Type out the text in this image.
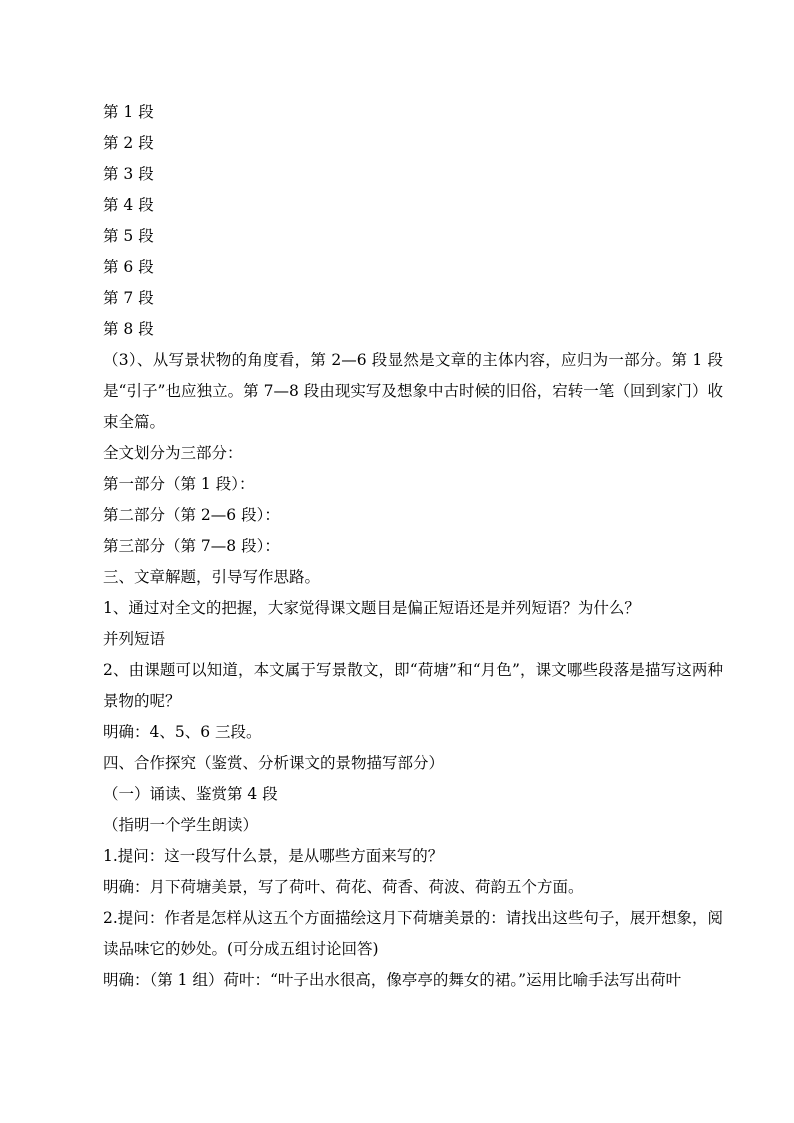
第 1 段
第 2 段
第 3 段
第 4 段
第 5 段
第 6 段
第 7 段
第 8 段
（3）、从写景状物的角度看，第 2—6 段显然是文章的主体内容，应归为一部分。第 1 段是“引子”也应独立。第 7—8 段由现实写及想象中古时候的旧俗，宕转一笔（回到家门）收束全篇。
全文划分为三部分：
第一部分（第 1 段）：
第二部分（第 2—6 段）：
第三部分（第 7—8 段）：
三、文章解题，引导写作思路。
1、通过对全文的把握，大家觉得课文题目是偏正短语还是并列短语？为什么？
并列短语
2、由课题可以知道，本文属于写景散文，即“荷塘”和“月色”，课文哪些段落是描写这两种景物的呢？
明确：4、5、6 三段。
四、合作探究（鉴赏、分析课文的景物描写部分）
（一）诵读、鉴赏第 4 段
（指明一个学生朗读）
1.提问：这一段写什么景，是从哪些方面来写的？
明确：月下荷塘美景，写了荷叶、荷花、荷香、荷波、荷韵五个方面。
2.提问：作者是怎样从这五个方面描绘这月下荷塘美景的：请找出这些句子，展开想象，阅读品味它的妙处。(可分成五组讨论回答)
明确：（第 1 组）荷叶：“叶子出水很高，像亭亭的舞女的裙。”运用比喻手法写出荷叶
